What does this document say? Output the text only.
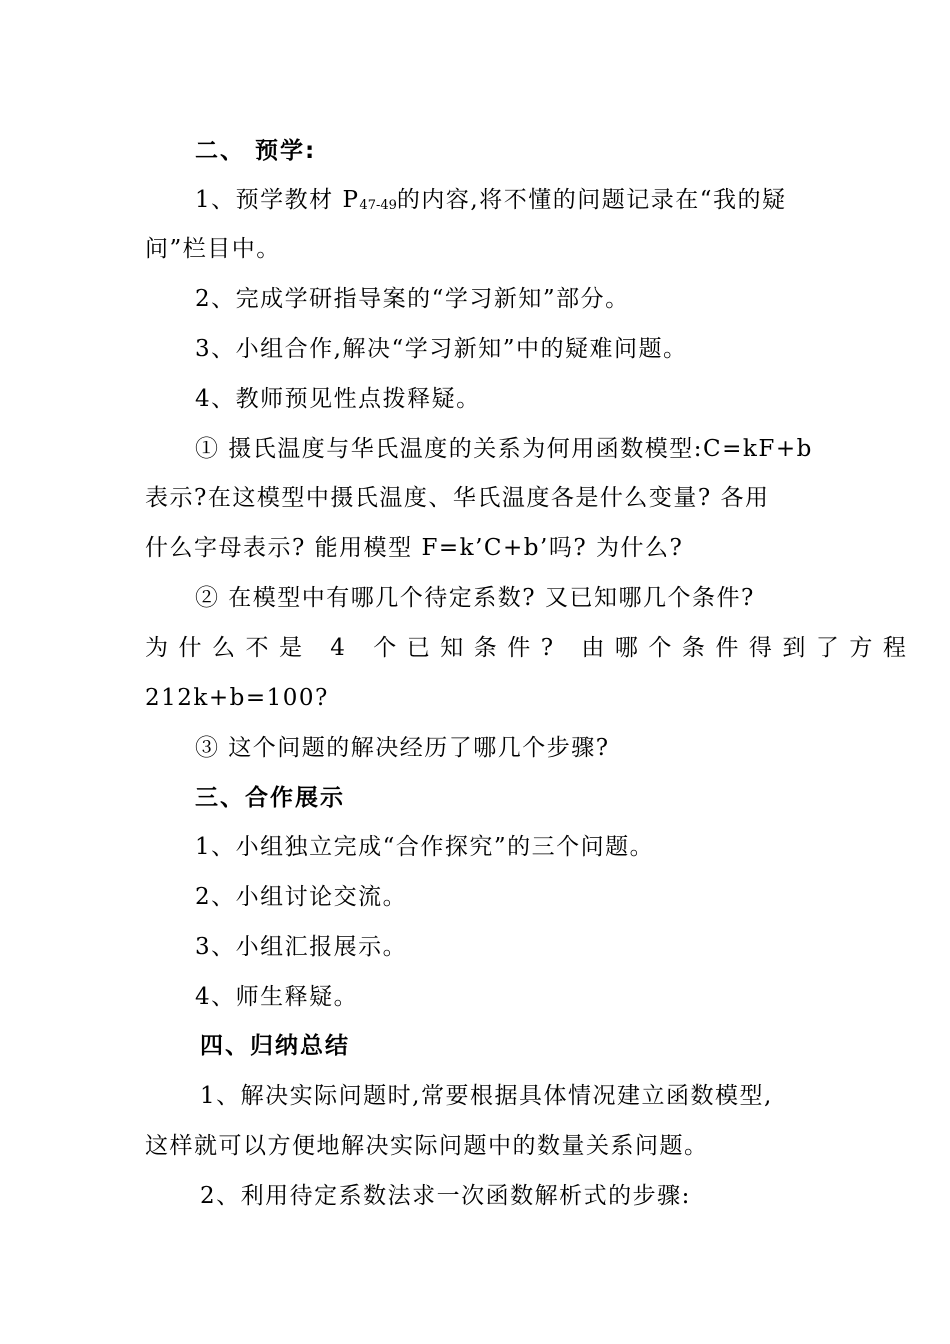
二、 预学:
1、预学教材 $P_{47-49}$的内容,将不懂的问题记录在“我的疑
问”栏目中。
2、完成学研指导案的“学习新知”部分。
3、小组合作,解决“学习新知”中的疑难问题。
4、教师预见性点拨释疑。
① 摄氏温度与华氏温度的关系为何用函数模型:C=kF+b
表示?在这模型中摄氏温度、华氏温度各是什么变量? 各用
什么字母表示? 能用模型 F=k’C+b’吗? 为什么?
② 在模型中有哪几个待定系数? 又已知哪几个条件?
为什么不是 4 个已知条件? 由哪个条件得到了方程
212k+b=100?
③ 这个问题的解决经历了哪几个步骤?
三、合作展示
1、小组独立完成“合作探究”的三个问题。
2、小组讨论交流。
3、小组汇报展示。
4、师生释疑。
四、归纳总结
1、解决实际问题时,常要根据具体情况建立函数模型,
这样就可以方便地解决实际问题中的数量关系问题。
2、利用待定系数法求一次函数解析式的步骤:
